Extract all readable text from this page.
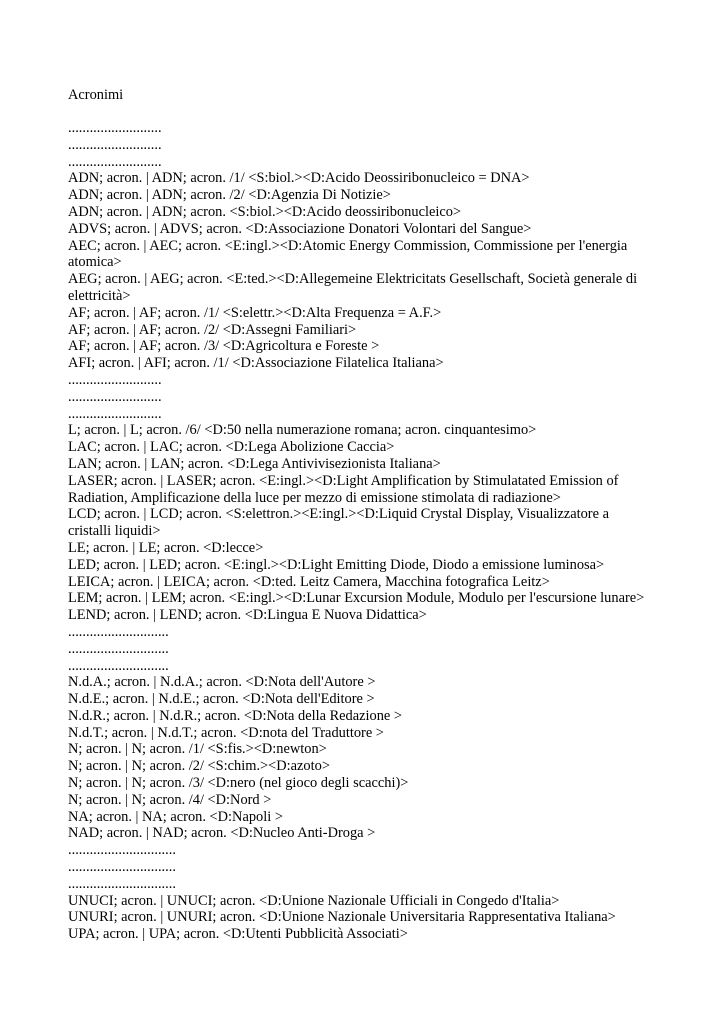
Acronimi
..........................
..........................
..........................
ADN; acron. | ADN; acron. /1/ <S:biol.><D:Acido Deossiribonucleico = DNA>
ADN; acron. | ADN; acron. /2/ <D:Agenzia Di Notizie>
ADN; acron. | ADN; acron. <S:biol.><D:Acido deossiribonucleico>
ADVS; acron. | ADVS; acron. <D:Associazione Donatori Volontari del Sangue>
AEC; acron. | AEC; acron. <E:ingl.><D:Atomic Energy Commission, Commissione per l'energia
atomica>
AEG; acron. | AEG; acron. <E:ted.><D:Allegemeine Elektricitats Gesellschaft, Società generale di
elettricità>
AF; acron. | AF; acron. /1/ <S:elettr.><D:Alta Frequenza = A.F.>
AF; acron. | AF; acron. /2/ <D:Assegni Familiari>
AF; acron. | AF; acron. /3/ <D:Agricoltura e Foreste >
AFI; acron. | AFI; acron. /1/ <D:Associazione Filatelica Italiana>
..........................
..........................
..........................
L; acron. | L; acron. /6/ <D:50 nella numerazione romana; acron. cinquantesimo>
LAC; acron. | LAC; acron. <D:Lega Abolizione Caccia>
LAN; acron. | LAN; acron. <D:Lega Antivivisezionista Italiana>
LASER; acron. | LASER; acron. <E:ingl.><D:Light Amplification by Stimulatated Emission of
Radiation, Amplificazione della luce per mezzo di emissione stimolata di radiazione>
LCD; acron. | LCD; acron. <S:elettron.><E:ingl.><D:Liquid Crystal Display, Visualizzatore a
cristalli liquidi>
LE; acron. | LE; acron. <D:lecce>
LED; acron. | LED; acron. <E:ingl.><D:Light Emitting Diode, Diodo a emissione luminosa>
LEICA; acron. | LEICA; acron. <D:ted. Leitz Camera, Macchina fotografica Leitz>
LEM; acron. | LEM; acron. <E:ingl.><D:Lunar Excursion Module, Modulo per l'escursione lunare>
LEND; acron. | LEND; acron. <D:Lingua E Nuova Didattica>
............................
............................
............................
N.d.A.; acron. | N.d.A.; acron. <D:Nota dell'Autore >
N.d.E.; acron. | N.d.E.; acron. <D:Nota dell'Editore >
N.d.R.; acron. | N.d.R.; acron. <D:Nota della Redazione >
N.d.T.; acron. | N.d.T.; acron. <D:nota del Traduttore >
N; acron. | N; acron. /1/ <S:fis.><D:newton>
N; acron. | N; acron. /2/ <S:chim.><D:azoto>
N; acron. | N; acron. /3/ <D:nero (nel gioco degli scacchi)>
N; acron. | N; acron. /4/ <D:Nord >
NA; acron. | NA; acron. <D:Napoli >
NAD; acron. | NAD; acron. <D:Nucleo Anti-Droga >
..............................
..............................
..............................
UNUCI; acron. | UNUCI; acron. <D:Unione Nazionale Ufficiali in Congedo d'Italia>
UNURI; acron. | UNURI; acron. <D:Unione Nazionale Universitaria Rappresentativa Italiana>
UPA; acron. | UPA; acron. <D:Utenti Pubblicità Associati>
